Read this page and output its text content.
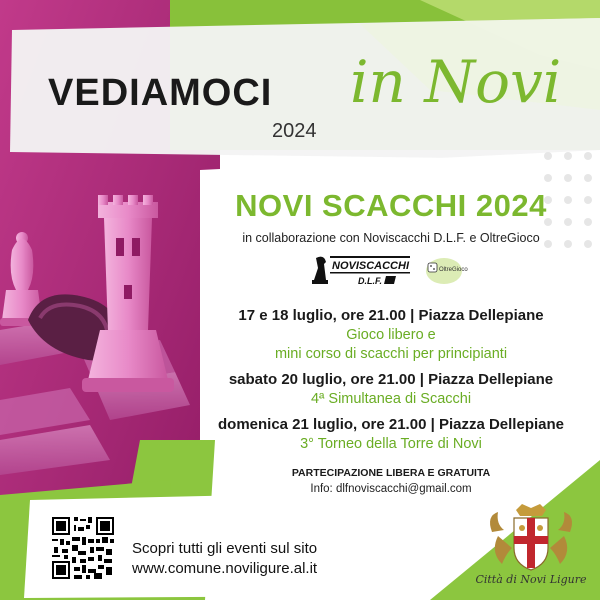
VEDIAMOCI in Novi
2024
NOVI SCACCHI 2024
in collaborazione con Noviscacchi D.L.F. e OltreGioco
NOVISCACCHI
D.L.F.
OltreGioco
17 e 18 luglio, ore 21.00 | Piazza Dellepiane
Gioco libero e
mini corso di scacchi per principianti
sabato 20 luglio, ore 21.00 | Piazza Dellepiane
4ª Simultanea di Scacchi
domenica 21 luglio, ore 21.00 | Piazza Dellepiane
3° Torneo della Torre di Novi
PARTECIPAZIONE LIBERA E GRATUITA
Info: dlfnoviscacchi@gmail.com
Scopri tutti gli eventi sul sito
www.comune.noviligure.al.it
Città di Novi Ligure
